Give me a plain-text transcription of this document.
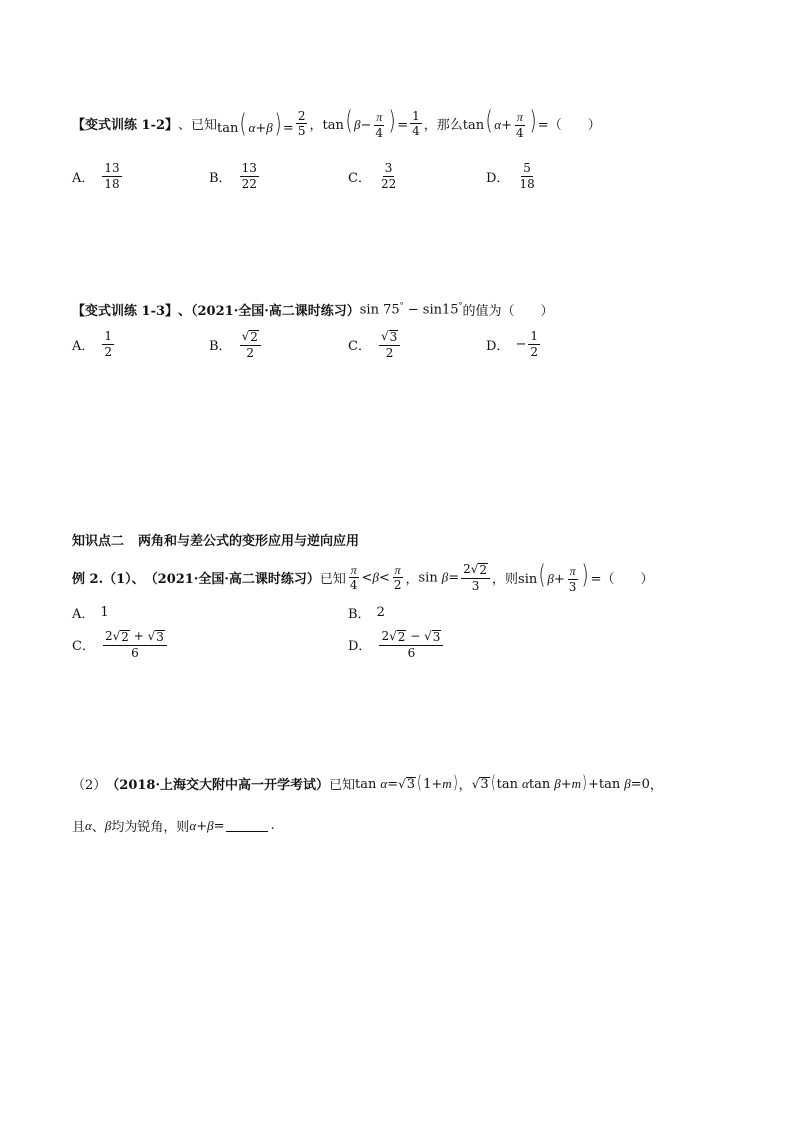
【变式训练 1-2】 、已知 tan( $\alpha+\beta) = \frac{2}{5}$ ， tan( $\beta- \frac{\pi}{4}$ ) = $\frac{1}{4}$ ，那么 tan( $\alpha+ \frac{\pi}{4}$ ) = （　　）
A． $\frac{13}{18}$	B． $\frac{13}{22}$	C． $\frac{3}{22}$	D． $\frac{5}{18}$
【变式训练 1-3】 、（2021·全国·高二课时练习） sin 75° − sin15° 的值为（　　）
A． $\frac{1}{2}$	B． $\frac{√ 2}{2}$	C． $\frac{√ 3}{2}$	D． − $\frac{1}{2}$
知识点二 两角和与差公式的变形应用与逆向应用
例 2. （1）、 （2021·全国·高二课时练习） 已知 $\frac{\pi}{4} <\beta< \frac{\pi}{2}$ ， $\sin \beta= \frac{2 √ 2}{3}$ ，则 sin( $\beta+ \frac{\pi}{3}$ ) = （　　）
A． 1	B． 2
C． $\frac{2 √ 2 + √ 3}{6}$	D． $\frac{2 √ 2 - √ 3}{6}$
（2） （2018·上海交大附中高一开学考试） 已知 tan α= √ 3 (1+m) ， √ 3 (tan αtan β+m)+tan β=0 ，
且 α 、 β 均为锐角，则 α+β=	.
